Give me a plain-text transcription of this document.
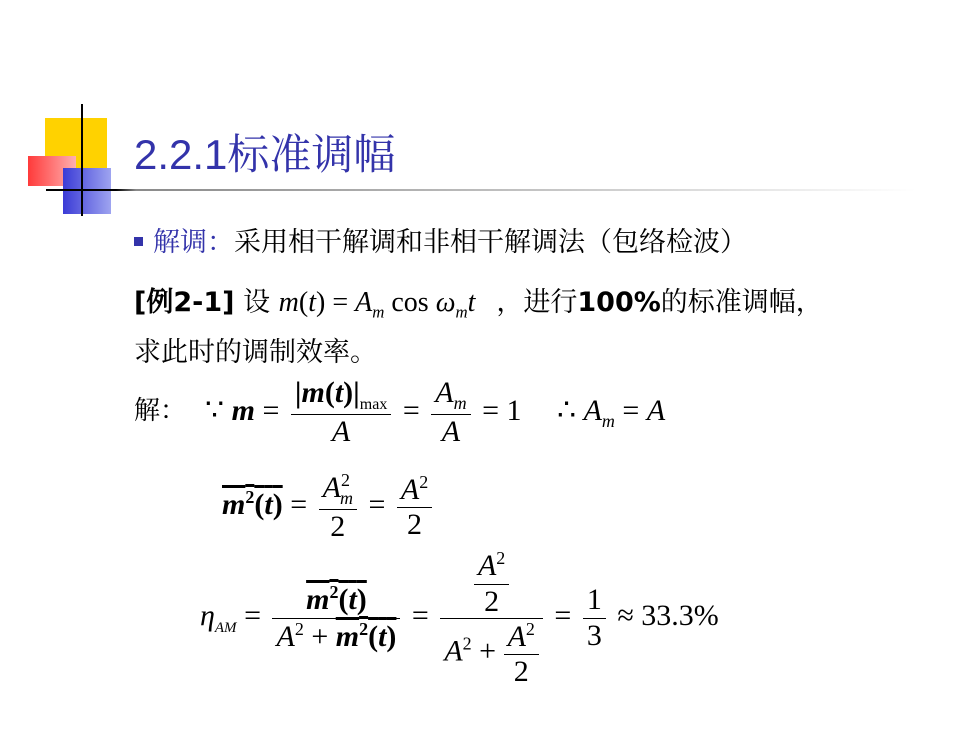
2.2.1标准调幅
解调：采用相干解调和非相干解调法（包络检波）
[例2-1] 设 $m(t) = A_m$ $\cos \omega_mt$ ，进行100%的标准调幅，
求此时的调制效率。
解： ∵ $m = \frac{|m(t)|_{max}}{A} = \frac{A_m}{A} = 1$ ∴ $A_m = A$
$m^2(t) = \frac{A^2_m}{2} = \frac{A^2}{2}$
$\eta_{AM} = \frac{m^2(t)}{A^2 + m^2(t)} = \frac{\frac{A^2}{2}}{A^2 + \frac{A^2}{2}} = \frac{1}{3} \approx 33.3\%$
